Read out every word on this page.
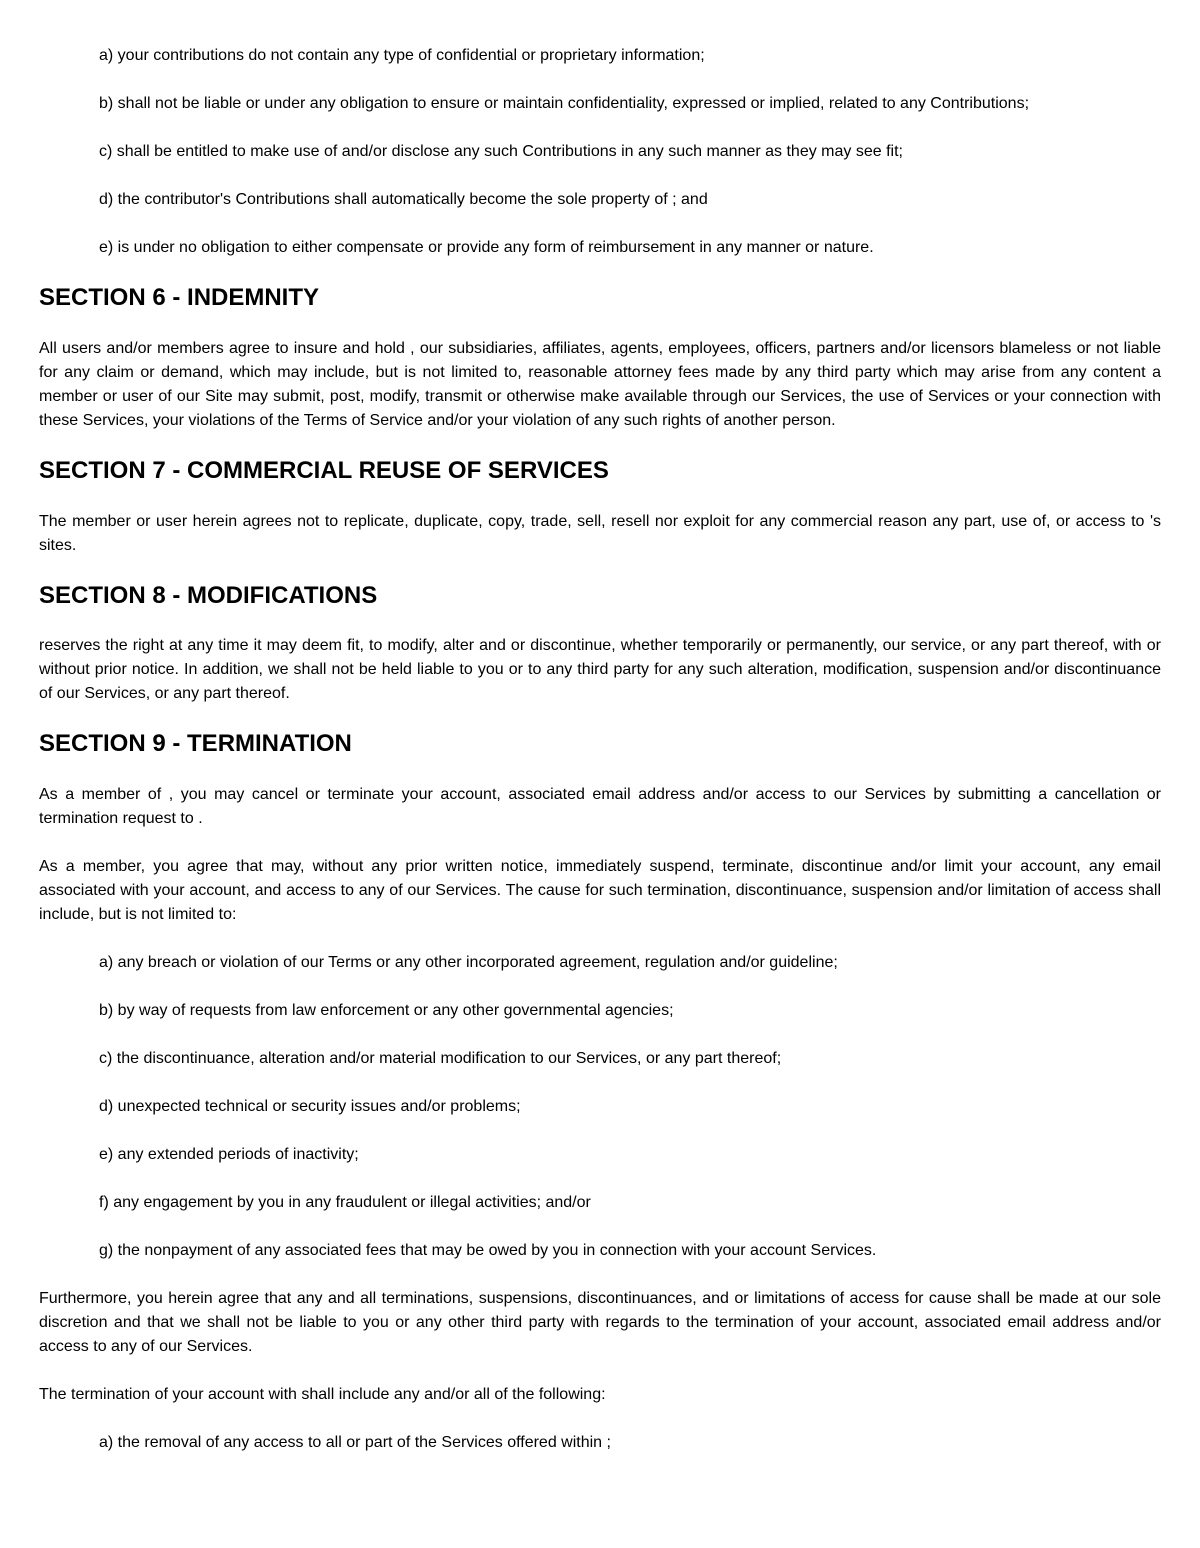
a) your contributions do not contain any type of confidential or proprietary information;

b) shall not be liable or under any obligation to ensure or maintain confidentiality, expressed or implied, related to any Contributions;

c) shall be entitled to make use of and/or disclose any such Contributions in any such manner as they may see fit;

d) the contributor's Contributions shall automatically become the sole property of ; and

e) is under no obligation to either compensate or provide any form of reimbursement in any manner or nature.

SECTION 6 - INDEMNITY

All users and/or members agree to insure and hold , our subsidiaries, affiliates, agents, employees, officers, partners and/or licensors blameless or not liable for any claim or demand, which may include, but is not limited to, reasonable attorney fees made by any third party which may arise from any content a member or user of our Site may submit, post, modify, transmit or otherwise make available through our Services, the use of Services or your connection with these Services, your violations of the Terms of Service and/or your violation of any such rights of another person.

SECTION 7 - COMMERCIAL REUSE OF SERVICES

The member or user herein agrees not to replicate, duplicate, copy, trade, sell, resell nor exploit for any commercial reason any part, use of, or access to 's sites.

SECTION 8 - MODIFICATIONS

reserves the right at any time it may deem fit, to modify, alter and or discontinue, whether temporarily or permanently, our service, or any part thereof, with or without prior notice. In addition, we shall not be held liable to you or to any third party for any such alteration, modification, suspension and/or discontinuance of our Services, or any part thereof.

SECTION 9 - TERMINATION

As a member of , you may cancel or terminate your account, associated email address and/or access to our Services by submitting a cancellation or termination request to .

As a member, you agree that may, without any prior written notice, immediately suspend, terminate, discontinue and/or limit your account, any email associated with your account, and access to any of our Services. The cause for such termination, discontinuance, suspension and/or limitation of access shall include, but is not limited to:

a) any breach or violation of our Terms or any other incorporated agreement, regulation and/or guideline;

b) by way of requests from law enforcement or any other governmental agencies;

c) the discontinuance, alteration and/or material modification to our Services, or any part thereof;

d) unexpected technical or security issues and/or problems;

e) any extended periods of inactivity;

f) any engagement by you in any fraudulent or illegal activities; and/or

g) the nonpayment of any associated fees that may be owed by you in connection with your account Services.

Furthermore, you herein agree that any and all terminations, suspensions, discontinuances, and or limitations of access for cause shall be made at our sole discretion and that we shall not be liable to you or any other third party with regards to the termination of your account, associated email address and/or access to any of our Services.

The termination of your account with shall include any and/or all of the following:

a) the removal of any access to all or part of the Services offered within ;
